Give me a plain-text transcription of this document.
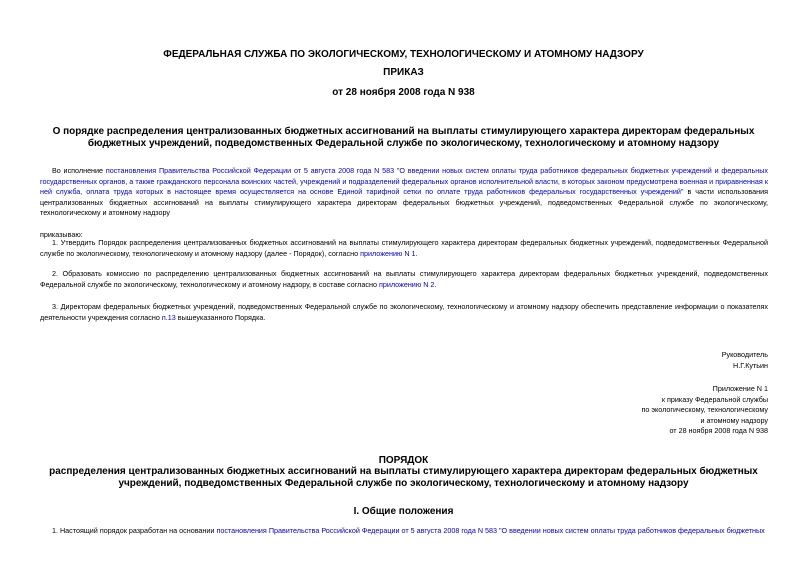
ФЕДЕРАЛЬНАЯ СЛУЖБА ПО ЭКОЛОГИЧЕСКОМУ, ТЕХНОЛОГИЧЕСКОМУ И АТОМНОМУ НАДЗОРУ
ПРИКАЗ
от 28 ноября 2008 года N 938
О порядке распределения централизованных бюджетных ассигнований на выплаты стимулирующего характера директорам федеральных бюджетных учреждений, подведомственных Федеральной службе по экологическому, технологическому и атомному надзору

Во исполнение постановления Правительства Российской Федерации от 5 августа 2008 года N 583 "О введении новых систем оплаты труда работников федеральных бюджетных учреждений и федеральных государственных органов, а также гражданского персонала воинских частей, учреждений и подразделений федеральных органов исполнительной власти, в которых законом предусмотрена военная и приравненная к ней служба, оплата труда которых в настоящее время осуществляется на основе Единой тарифной сетки по оплате труда работников федеральных государственных учреждений" в части использования централизованных бюджетных ассигнований на выплаты стимулирующего характера директорам федеральных бюджетных учреждений, подведомственных Федеральной службе по экологическому, технологическому и атомному надзору

приказываю:

1. Утвердить Порядок распределения централизованных бюджетных ассигнований на выплаты стимулирующего характера директорам федеральных бюджетных учреждений, подведомственных Федеральной службе по экологическому, технологическому и атомному надзору (далее - Порядок), согласно приложению N 1.

2. Образовать комиссию по распределению централизованных бюджетных ассигнований на выплаты стимулирующего характера директорам федеральных бюджетных учреждений, подведомственных Федеральной службе по экологическому, технологическому и атомному надзору, в составе согласно приложению N 2.

3. Директорам федеральных бюджетных учреждений, подведомственных Федеральной службе по экологическому, технологическому и атомному надзору обеспечить представление информации о показателях деятельности учреждения согласно п.13 вышеуказанного Порядка.

Руководитель
Н.Г.Кутьин
Приложение N 1
к приказу Федеральной службы
по экологическому, технологическому
и атомному надзору
от 28 ноября 2008 года N 938
ПОРЯДОК
распределения централизованных бюджетных ассигнований на выплаты стимулирующего характера директорам федеральных бюджетных учреждений, подведомственных Федеральной службе по экологическому, технологическому и атомному надзору
I. Общие положения

1. Настоящий порядок разработан на основании постановления Правительства Российской Федерации от 5 августа 2008 года N 583 "О введении новых систем оплаты труда работников федеральных бюджетных
